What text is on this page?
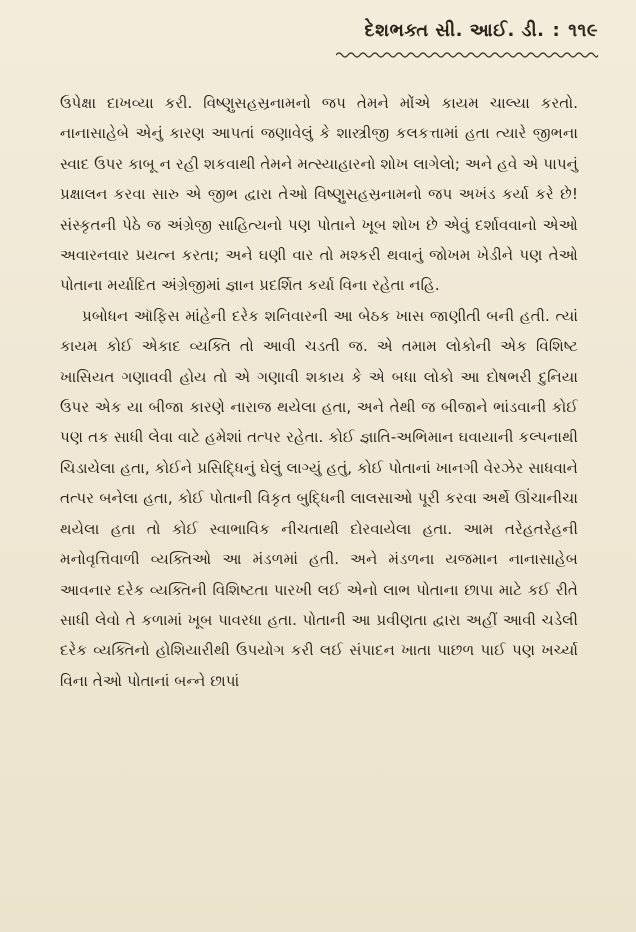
દેશભક્ત સી. આઈ. ડી. : ૧૧૯

ઉપેક્ષા દાખવ્યા કરી. વિષ્ણુસહસ્રનામનો જપ તેમને મોંએ કાયમ ચાલ્યા કરતો. નાનાસાહેબે એનું કારણ આપતાં જણાવેલું કે શાસ્ત્રીજી કલકત્તામાં હતા ત્યારે જીભના સ્વાદ ઉપર કાબૂ ન રહી શકવાથી તેમને મત્સ્યાહારનો શોખ લાગેલો; અને હવે એ પાપનું પ્રક્ષાલન કરવા સારુ એ જીભ દ્વારા તેઓ વિષ્ણુસહસ્રનામનો જપ અખંડ કર્યા કરે છે! સંસ્કૃતની પેઠે જ અંગ્રેજી સાહિત્યનો પણ પોતાને ખૂબ શોખ છે એવું દર્શાવવાનો એઓ અવારનવાર પ્રયત્ન કરતા; અને ઘણી વાર તો મશ્કરી થવાનું જોખમ ખેડીને પણ તેઓ પોતાના મર્યાદિત અંગ્રેજીમાં જ્ઞાન પ્રદર્શિત કર્યા વિના રહેતા નહિ.

પ્રબોધન ઑફિસ માંહેની દરેક શનિવારની આ બેઠક ખાસ જાણીતી બની હતી. ત્યાં કાયમ કોઈ એકાદ વ્યક્તિ તો આવી ચડતી જ. એ તમામ લોકોની એક વિશિષ્ટ ખાસિયત ગણાવવી હોય તો એ ગણાવી શકાય કે એ બધા લોકો આ દોષભરી દુનિયા ઉપર એક યા બીજા કારણે નારાજ થયેલા હતા, અને તેથી જ બીજાને ભાંડવાની કોઈ પણ તક સાધી લેવા વાટે હમેશાં તત્પર રહેતા. કોઈ જ્ઞાતિ-અભિમાન ઘવાયાની કલ્પનાથી ચિડાયેલા હતા, કોઈને પ્રસિદ્ધિનું ઘેલું લાગ્યું હતું, કોઈ પોતાનાં ખાનગી વેરઝેર સાધવાને તત્પર બનેલા હતા, કોઈ પોતાની વિકૃત બુદ્ધિની લાલસાઓ પૂરી કરવા અર્થે ઊંચાનીચા થયેલા હતા તો કોઈ સ્વાભાવિક નીચતાથી દોરવાયેલા હતા. આમ તરેહતરેહની મનોવૃત્તિવાળી વ્યક્તિઓ આ મંડળમાં હતી. અને મંડળના યજમાન નાનાસાહેબ આવનાર દરેક વ્યક્તિની વિશિષ્ટતા પારખી લઈ એનો લાભ પોતાના છાપા માટે કઈ રીતે સાધી લેવો તે કળામાં ખૂબ પાવરધા હતા. પોતાની આ પ્રવીણતા દ્વારા અહીં આવી ચડેલી દરેક વ્યક્તિનો હોશિયારીથી ઉપયોગ કરી લઈ સંપાદન ખાતા પાછળ પાઈ પણ ખર્ચ્યા વિના તેઓ પોતાનાં બન્ને છાપાં
